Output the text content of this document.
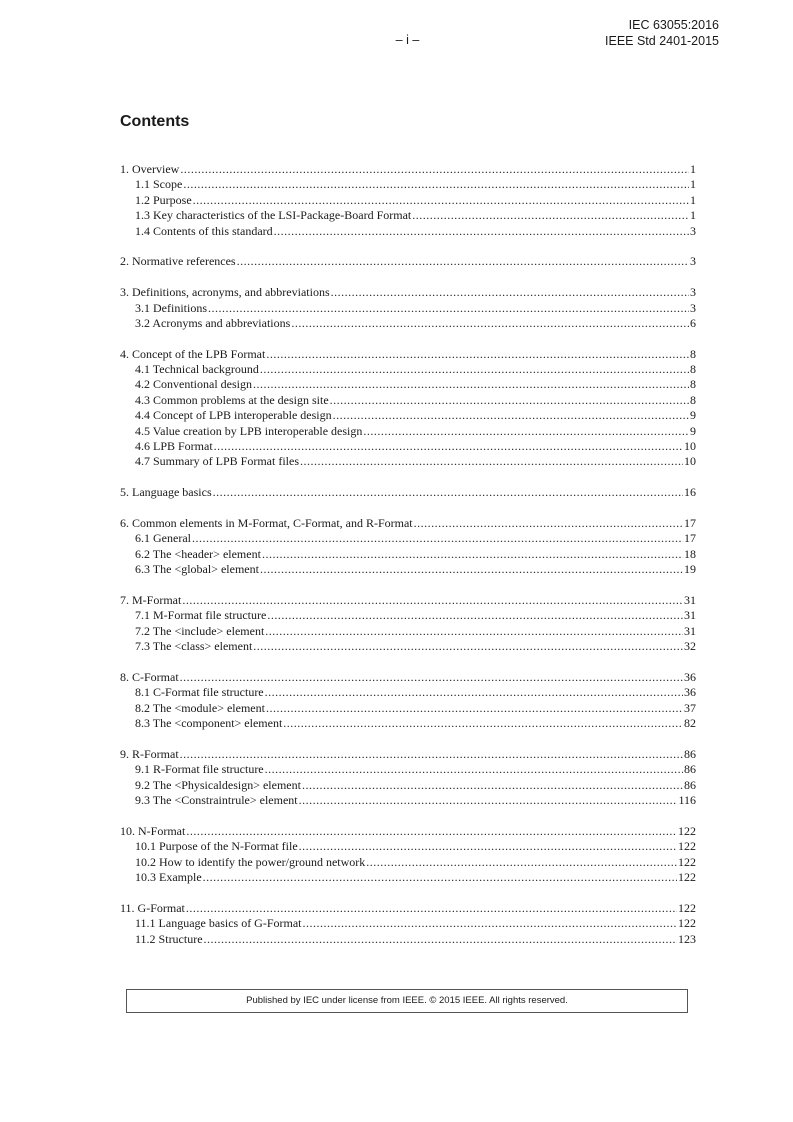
– i –
IEC 63055:2016
IEEE Std 2401-2015
Contents
1. Overview .....	1
1.1 Scope .....	1
1.2 Purpose .....	1
1.3 Key characteristics of the LSI-Package-Board Format .....	1
1.4 Contents of this standard .....	3
2. Normative references .....	3
3. Definitions, acronyms, and abbreviations .....	3
3.1 Definitions .....	3
3.2 Acronyms and abbreviations .....	6
4. Concept of the LPB Format .....	8
4.1 Technical background .....	8
4.2 Conventional design .....	8
4.3 Common problems at the design site .....	8
4.4 Concept of LPB interoperable design .....	9
4.5 Value creation by LPB interoperable design .....	9
4.6 LPB Format .....	10
4.7 Summary of LPB Format files .....	10
5. Language basics .....	16
6. Common elements in M-Format, C-Format, and R-Format .....	17
6.1 General .....	17
6.2 The <header> element .....	18
6.3 The <global> element .....	19
7. M-Format .....	31
7.1 M-Format file structure .....	31
7.2 The <include> element .....	31
7.3 The <class> element .....	32
8. C-Format .....	36
8.1 C-Format file structure .....	36
8.2 The <module> element .....	37
8.3 The <component> element .....	82
9. R-Format .....	86
9.1 R-Format file structure .....	86
9.2 The <Physicaldesign> element .....	86
9.3 The <Constraintrule> element .....	116
10. N-Format .....	122
10.1 Purpose of the N-Format file .....	122
10.2 How to identify the power/ground network .....	122
10.3 Example .....	122
11. G-Format .....	122
11.1 Language basics of G-Format .....	122
11.2 Structure .....	123
Published by IEC under license from IEEE. © 2015 IEEE. All rights reserved.
